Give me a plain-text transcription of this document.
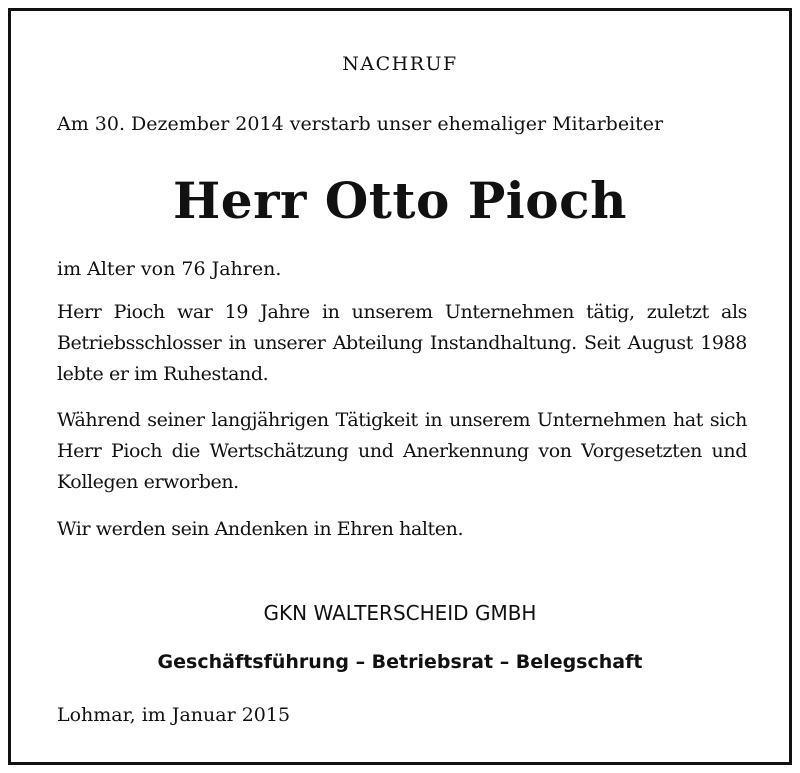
NACHRUF
Am 30. Dezember 2014 verstarb unser ehemaliger Mitarbeiter
Herr Otto Pioch
im Alter von 76 Jahren.
Herr Pioch war 19 Jahre in unserem Unternehmen tätig, zuletzt als Betriebsschlosser in unserer Abteilung Instandhaltung. Seit August 1988 lebte er im Ruhestand.
Während seiner langjährigen Tätigkeit in unserem Unternehmen hat sich Herr Pioch die Wertschätzung und Anerkennung von Vorgesetzten und Kollegen erworben.
Wir werden sein Andenken in Ehren halten.
GKN WALTERSCHEID GMBH
Geschäftsführung – Betriebsrat – Belegschaft
Lohmar, im Januar 2015
